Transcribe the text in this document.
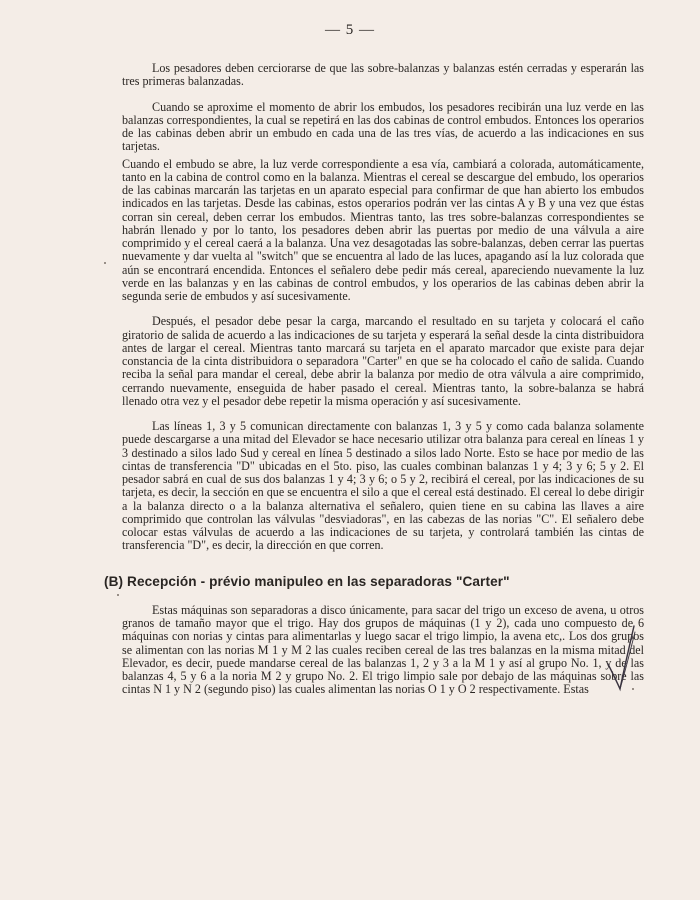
— 5 —

Los pesadores deben cerciorarse de que las sobre-balanzas y balanzas estén cerradas y esperarán las tres primeras balanzadas.

Cuando se aproxime el momento de abrir los embudos, los pesadores recibirán una luz verde en las balanzas correspondientes, la cual se repetirá en las dos cabinas de control embudos. Entonces los operarios de las cabinas deben abrir un embudo en cada una de las tres vías, de acuerdo a las indicaciones en sus tarjetas.

Cuando el embudo se abre, la luz verde correspondiente a esa vía, cambiará a colorada, automáticamente, tanto en la cabina de control como en la balanza. Mientras el cereal se descargue del embudo, los operarios de las cabinas marcarán las tarjetas en un aparato especial para confirmar de que han abierto los embudos indicados en las tarjetas. Desde las cabinas, estos operarios podrán ver las cintas A y B y una vez que éstas corran sin cereal, deben cerrar los embudos. Mientras tanto, las tres sobre-balanzas correspondientes se habrán llenado y por lo tanto, los pesadores deben abrir las puertas por medio de una válvula a aire comprimido y el cereal caerá a la balanza. Una vez desagotadas las sobre-balanzas, deben cerrar las puertas nuevamente y dar vuelta al "switch" que se encuentra al lado de las luces, apagando así la luz colorada que aún se encontrará encendida. Entonces el señalero debe pedir más cereal, apareciendo nuevamente la luz verde en las balanzas y en las cabinas de control embudos, y los operarios de las cabinas deben abrir la segunda serie de embudos y así sucesivamente.

Después, el pesador debe pesar la carga, marcando el resultado en su tarjeta y colocará el caño giratorio de salida de acuerdo a las indicaciones de su tarjeta y esperará la señal desde la cinta distribuidora antes de largar el cereal. Mientras tanto marcará su tarjeta en el aparato marcador que existe para dejar constancia de la cinta distribuidora o separadora "Carter" en que se ha colocado el caño de salida. Cuando reciba la señal para mandar el cereal, debe abrir la balanza por medio de otra válvula a aire comprimido, cerrando nuevamente, enseguida de haber pasado el cereal. Mientras tanto, la sobre-balanza se habrá llenado otra vez y el pesador debe repetir la misma operación y así sucesivamente.

Las líneas 1, 3 y 5 comunican directamente con balanzas 1, 3 y 5 y como cada balanza solamente puede descargarse a una mitad del Elevador se hace necesario utilizar otra balanza para cereal en líneas 1 y 3 destinado a silos lado Sud y cereal en línea 5 destinado a silos lado Norte. Esto se hace por medio de las cintas de transferencia "D" ubicadas en el 5to. piso, las cuales combinan balanzas 1 y 4; 3 y 6; 5 y 2. El pesador sabrá en cual de sus dos balanzas 1 y 4; 3 y 6; o 5 y 2, recibirá el cereal, por las indicaciones de su tarjeta, es decir, la sección en que se encuentra el silo a que el cereal está destinado. El cereal lo debe dirigir a la balanza directo o a la balanza alternativa el señalero, quien tiene en su cabina las llaves a aire comprimido que controlan las válvulas "desviadoras", en las cabezas de las norias "C". El señalero debe colocar estas válvulas de acuerdo a las indicaciones de su tarjeta, y controlará también las cintas de transferencia "D", es decir, la dirección en que corren.

(B) Recepción - prévio manipuleo en las separadoras "Carter"

Estas máquinas son separadoras a disco únicamente, para sacar del trigo un exceso de avena, u otros granos de tamaño mayor que el trigo. Hay dos grupos de máquinas (1 y 2), cada uno compuesto de 6 máquinas con norias y cintas para alimentarlas y luego sacar el trigo limpio, la avena etc,. Los dos grupos se alimentan con las norias M 1 y M 2 las cuales reciben cereal de las tres balanzas en la misma mitad del Elevador, es decir, puede mandarse cereal de las balanzas 1, 2 y 3 a la M 1 y así al grupo No. 1, y de las balanzas 4, 5 y 6 a la noria M 2 y grupo No. 2. El trigo limpio sale por debajo de las máquinas sobre las cintas N 1 y N 2 (segundo piso) las cuales alimentan las norias O 1 y O 2 respectivamente. Estas
